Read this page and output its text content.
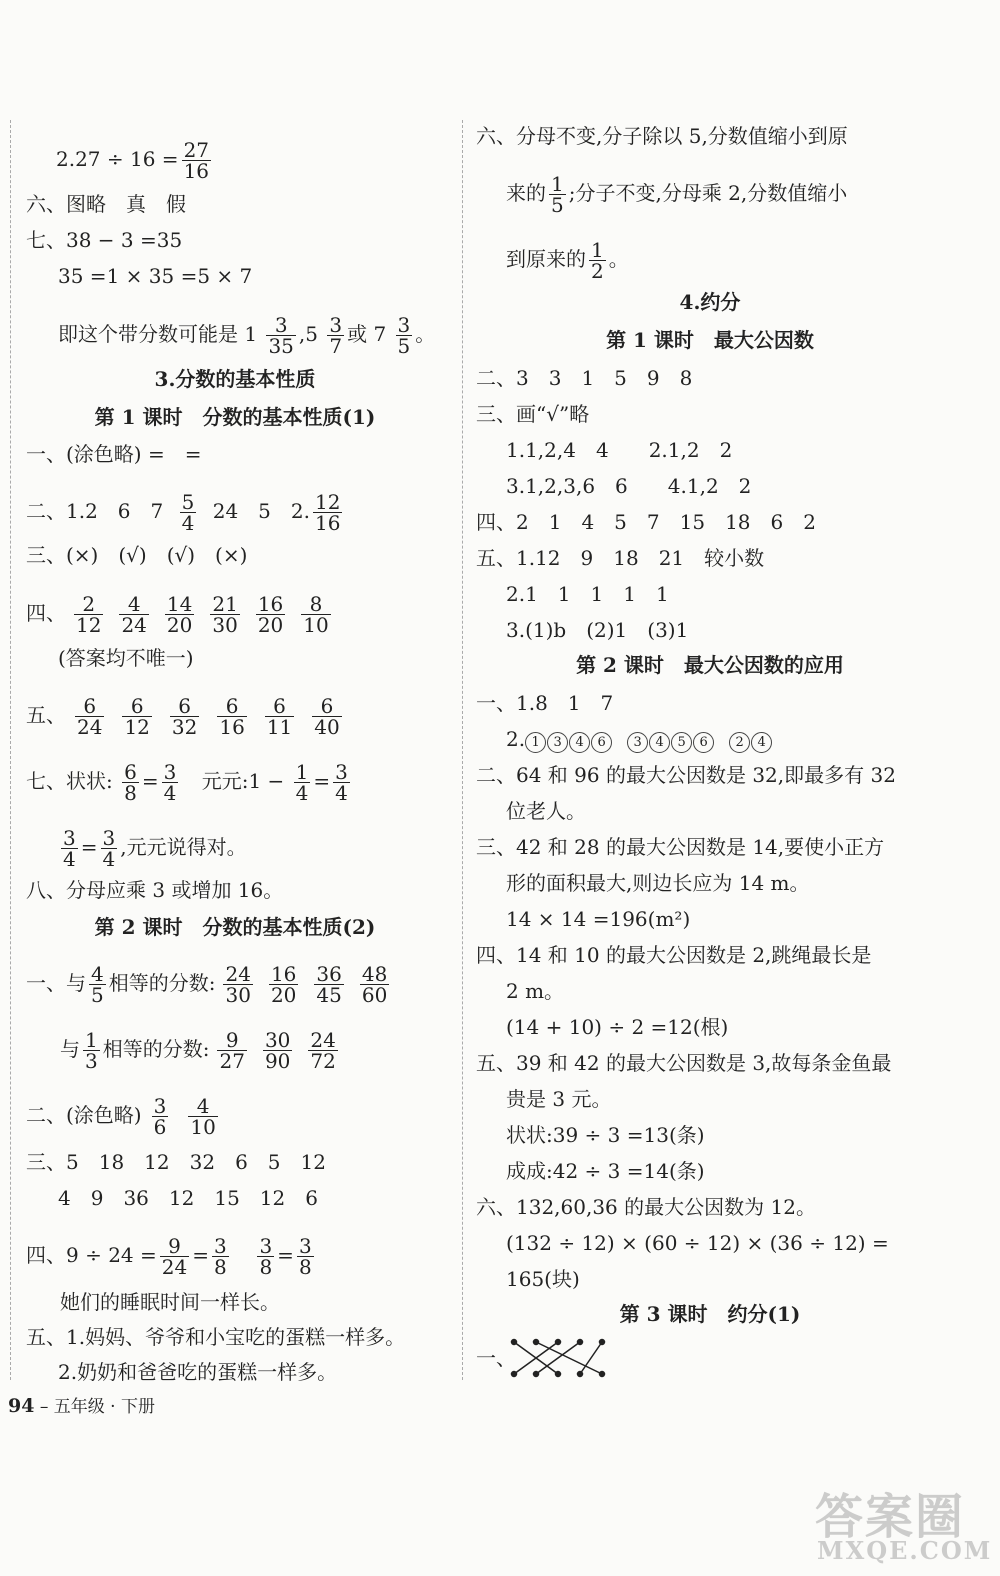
$2.27 \div 16 = \frac{27}{16}$
六、图略　真　假
七、38 − 3 =35
35 =1 × 35 =5 × 7
即这个带分数可能是 $1 \frac{3}{35} ,5 \frac{3}{7}$ 或 $7 \frac{3}{5}$ 。
3.分数的基本性质
第 1 课时　分数的基本性质(1)
一、(涂色略) =　=
二、1.2　6　$7 \frac{5}{4} 24$　5　2. $\frac{12}{16}$
三、(×)　(√)　(√)　(×)
四、 $\frac{2}{12} \frac{4}{24} \frac{14}{20} \frac{21}{30} \frac{16}{20} \frac{8}{10}$
(答案均不唯一)
五、 $\frac{6}{24} \frac{6}{12} \frac{6}{32} \frac{6}{16} \frac{6}{11} \frac{6}{40}$
七、状状: $\frac{6}{8} = \frac{3}{4}$ 元元:1 − $\frac{1}{4} = \frac{3}{4}$
$\frac{3}{4} = \frac{3}{4}$ ,元元说得对。
八、分母应乘 3 或增加 16。
第 2 课时　分数的基本性质(2)
一、与 $\frac{4}{5}$ 相等的分数: $\frac{24}{30} \frac{16}{20} \frac{36}{45} \frac{48}{60}$
与 $\frac{1}{3}$ 相等的分数: $\frac{9}{27} \frac{30}{90} \frac{24}{72}$
二、(涂色略) $\frac{3}{6} \frac{4}{10}$
三、5　18　12　32　6　5　12
4　9　36　12　15　12　6
四、$9 \div 24 = \frac{9}{24} = \frac{3}{8}$
$\frac{3}{8} = \frac{3}{8}$
她们的睡眠时间一样长。
五、1.妈妈、爷爷和小宝吃的蛋糕一样多。
2.奶奶和爸爸吃的蛋糕一样多。
六、分母不变,分子除以 5,分数值缩小到原
来的 $\frac{1}{5}$ ;分子不变,分母乘 2,分数值缩小
到原来的 $\frac{1}{2}$ 。
4.约分
第 1 课时　最大公因数
二、3　3　1　5　9　8
三、画“√”略
1.1,2,4　4　　2.1,2　2
3.1,2,3,6　6　　4.1,2　2
四、2　1　4　5　7　15　18　6　2
五、1.12　9　18　21　较小数
2.1　1　1　1　1
3.(1)b　(2)1　(3)1
第 2 课时　最大公因数的应用
一、1.8　1　7
2. 1 3 4 6 3 4 5 6 2 4
二、64 和 96 的最大公因数是 32,即最多有 32
位老人。
三、42 和 28 的最大公因数是 14,要使小正方
形的面积最大,则边长应为 14 m。
14 × 14 =196(m²)
四、14 和 10 的最大公因数是 2,跳绳最长是
2 m。
(14 + 10) ÷ 2 =12(根)
五、39 和 42 的最大公因数是 3,故每条金鱼最
贵是 3 元。
状状:39 ÷ 3 =13(条)
成成:42 ÷ 3 =14(条)
六、132,60,36 的最大公因数为 12。
(132 ÷ 12) × (60 ÷ 12) × (36 ÷ 12) =
165(块)
第 3 课时　约分(1)
一、
94 – 五年级 · 下册
答案圈
MXQE.COM
